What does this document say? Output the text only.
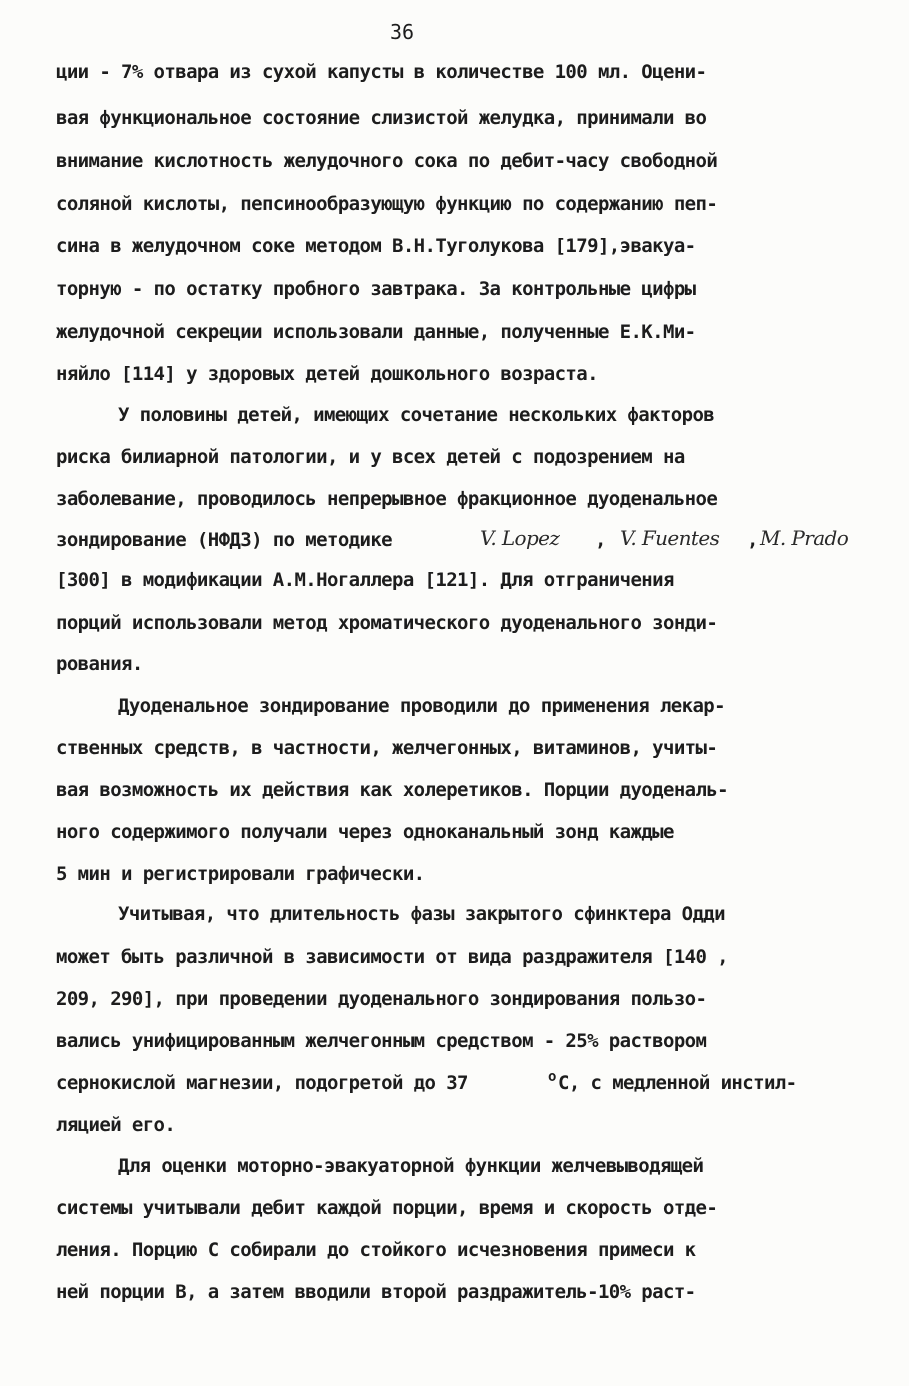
36
ции - 7% отвара из сухой капусты в количестве 100 мл. Оцени-
вая функциональное состояние слизистой желудка, принимали во
внимание кислотность желудочного сока по дебит-часу свободной
соляной кислоты, пепсинообразующую функцию по содержанию пеп-
сина в желудочном соке методом В.Н.Туголукова [179],эвакуа-
торную - по остатку пробного завтрака. За контрольные цифры
желудочной секреции использовали данные, полученные Е.К.Ми-
няйло [114] у здоровых детей дошкольного возраста.
У половины детей, имеющих сочетание нескольких факторов
риска билиарной патологии, и у всех детей с подозрением на
заболевание, проводилось непрерывное фракционное дуоденальное
зондирование (НФДЗ) по методике	V. Lopez , V. Fuentes , M. Prado
[300] в модификации А.М.Ногаллера [121]. Для отграничения
порций использовали метод хроматического дуоденального зонди-
рования.
Дуоденальное зондирование проводили до применения лекар-
ственных средств, в частности, желчегонных, витаминов, учиты-
вая возможность их действия как холеретиков. Порции дуоденаль-
ного содержимого получали через одноканальный зонд каждые
5 мин и регистрировали графически.
Учитывая, что длительность фазы закрытого сфинктера Одди
может быть различной в зависимости от вида раздражителя [140 ,
209, 290], при проведении дуоденального зондирования пользо-
вались унифицированным желчегонным средством - 25% раствором
сернокислой магнезии, подогретой до 37	о С, с медленной инстил-
ляцией его.
Для оценки моторно-эвакуаторной функции желчевыводящей
системы учитывали дебит каждой порции, время и скорость отде-
ления. Порцию С собирали до стойкого исчезновения примеси к
ней порции В, а затем вводили второй раздражитель-10% раст-
